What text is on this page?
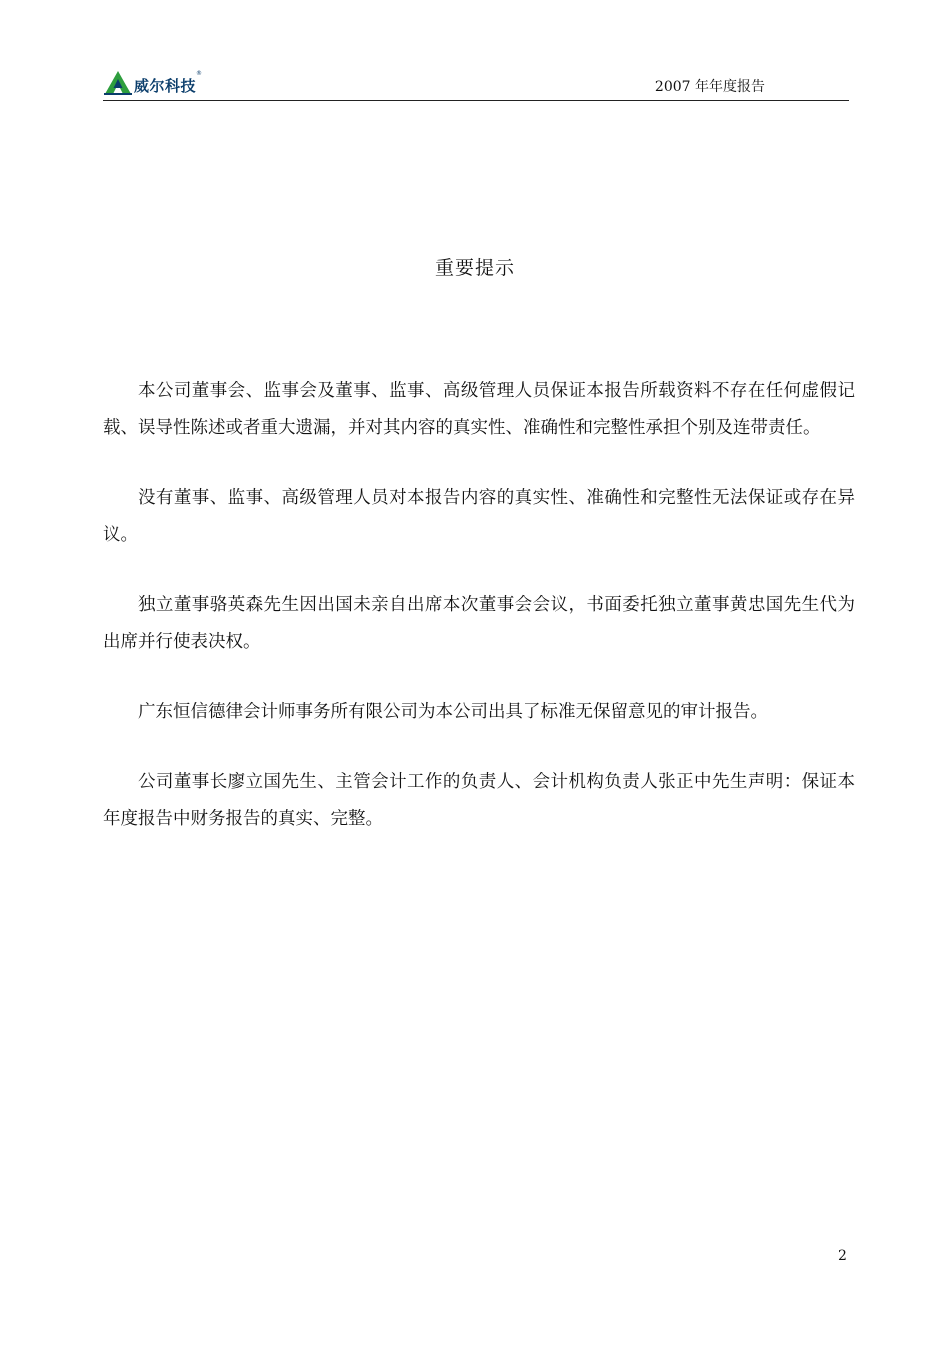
威尔科技
®
2007 年年度报告
重要提示

本公司董事会、监事会及董事、监事、高级管理人员保证本报告所载资料不存在任何虚假记载、误导性陈述或者重大遗漏，并对其内容的真实性、准确性和完整性承担个别及连带责任。

没有董事、监事、高级管理人员对本报告内容的真实性、准确性和完整性无法保证或存在异议。

独立董事骆英森先生因出国未亲自出席本次董事会会议，书面委托独立董事黄忠国先生代为出席并行使表决权。

广东恒信德律会计师事务所有限公司为本公司出具了标准无保留意见的审计报告。

公司董事长廖立国先生、主管会计工作的负责人、会计机构负责人张正中先生声明：保证本年度报告中财务报告的真实、完整。

2
